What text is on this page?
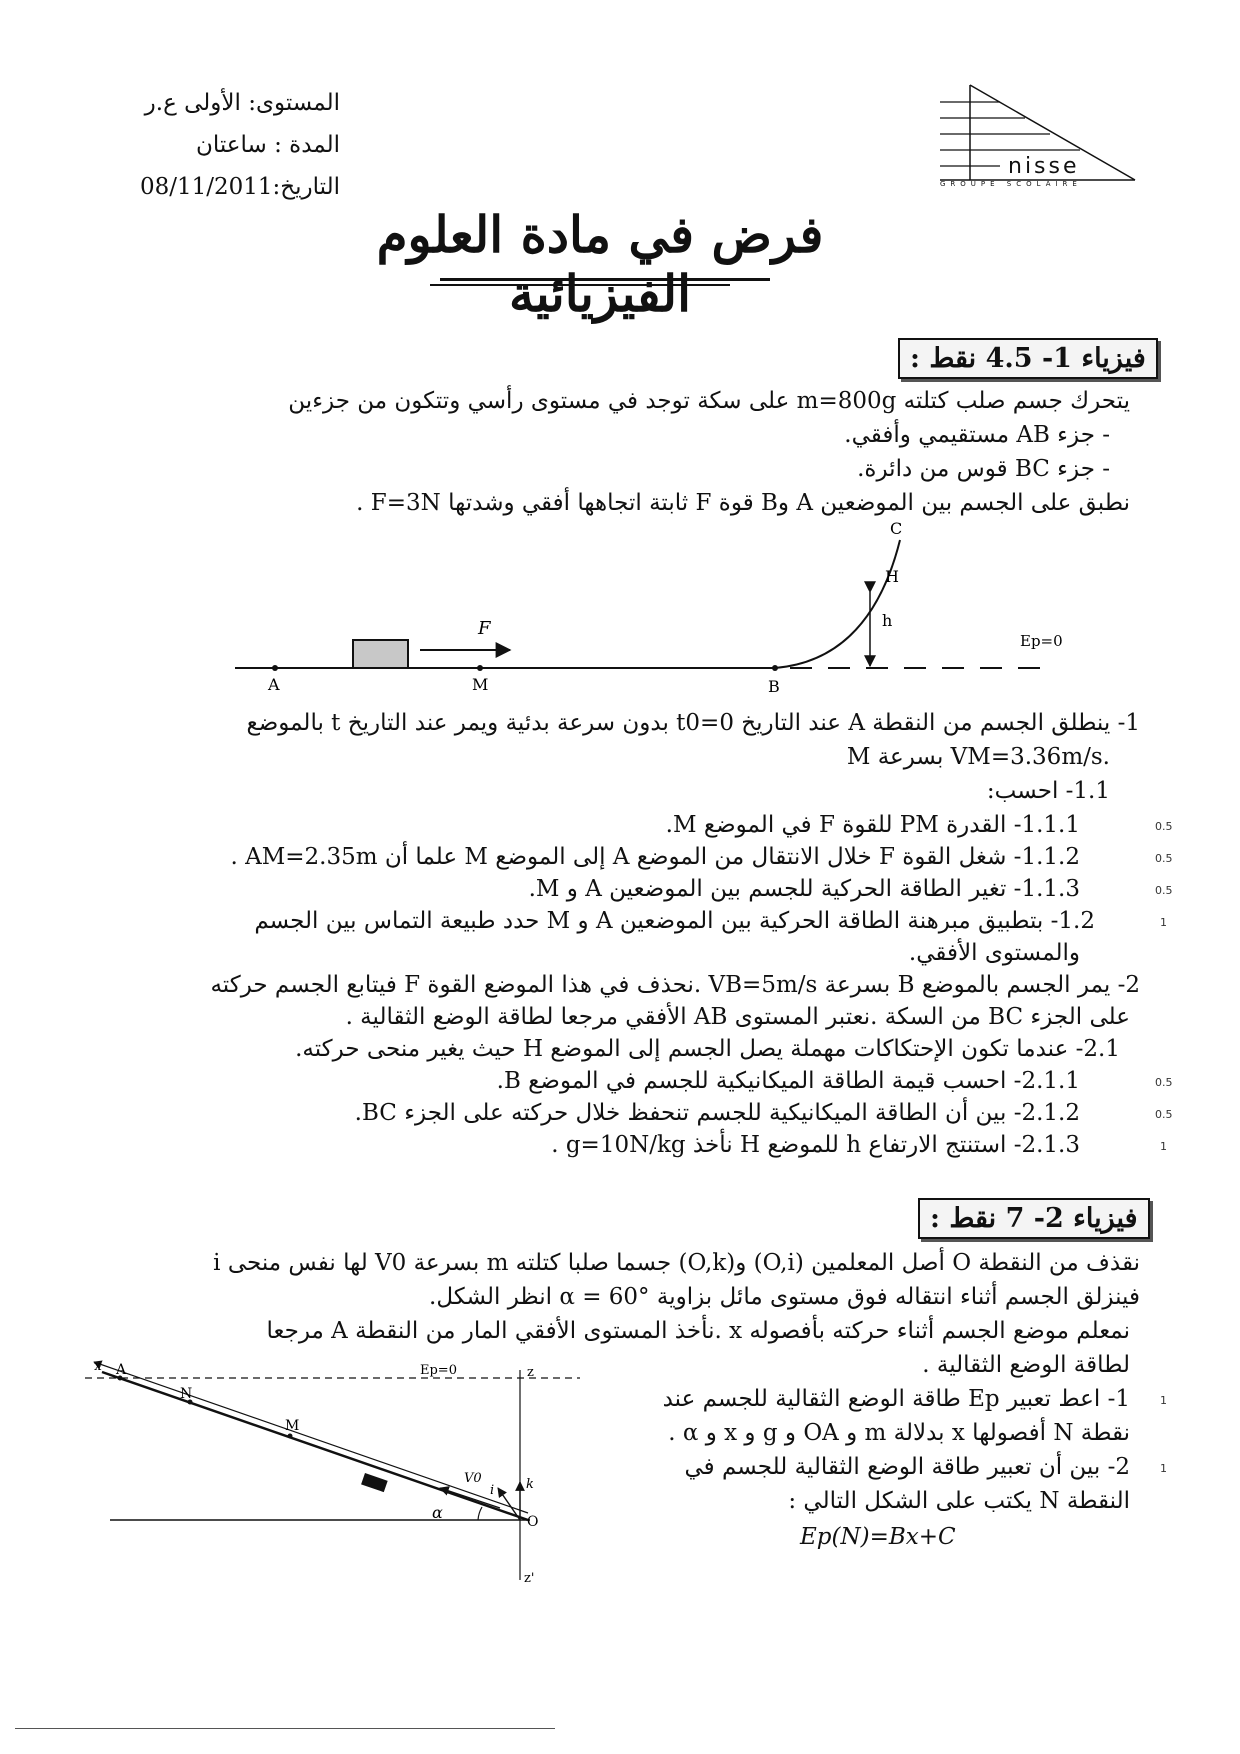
المستوى: الأولى ع.ر
المدة : ساعتان
التاريخ:08/11/2011
nisse
GROUPE SCOLAIRE
فرض في مادة العلوم الفيزيائية
فيزياء 1- 4.5 نقط :
يتحرك جسم صلب كتلته m=800g على سكة توجد في مستوى رأسي وتتكون من جزءين
- جزء AB مستقيمي وأفقي.
- جزء BC قوس من دائرة.
نطبق على الجسم بين الموضعين A وB قوة F ثابتة اتجاهها أفقي وشدتها F=3N .
A	M	B
C
H
h
F
Ep=0
1- ينطلق الجسم من النقطة A عند التاريخ t0=0 بدون سرعة بدئية ويمر عند التاريخ t بالموضع
M بسرعة VM=3.36m/s.
1.1- احسب:
1.1.1- القدرة PM للقوة F في الموضع M.	0.5
1.1.2- شغل القوة F خلال الانتقال من الموضع A إلى الموضع M علما أن AM=2.35m .	0.5
1.1.3- تغير الطاقة الحركية للجسم بين الموضعين A و M.	0.5
1.2- بتطبيق مبرهنة الطاقة الحركية بين الموضعين A و M حدد طبيعة التماس بين الجسم	1
والمستوى الأفقي.
2- يمر الجسم بالموضع B بسرعة VB=5m/s .نحذف في هذا الموضع القوة F فيتابع الجسم حركته
على الجزء BC من السكة .نعتبر المستوى AB الأفقي مرجعا لطاقة الوضع الثقالية .
2.1- عندما تكون الإحتكاكات مهملة يصل الجسم إلى الموضع H حيث يغير منحى حركته.
2.1.1- احسب قيمة الطاقة الميكانيكية للجسم في الموضع B.	0.5
2.1.2- بين أن الطاقة الميكانيكية للجسم تنحفظ خلال حركته على الجزء BC.	0.5
2.1.3- استنتج الارتفاع h للموضع H نأخذ g=10N/kg .	1
فيزياء 2- 7 نقط :
نقذف من النقطة O أصل المعلمين (O,i) و(O,k) جسما صلبا كتلته m بسرعة V0 لها نفس منحى i
فينزلق الجسم أثناء انتقاله فوق مستوى مائل بزاوية α = 60° انظر الشكل.
نمعلم موضع الجسم أثناء حركته بأفصوله x .نأخذ المستوى الأفقي المار من النقطة A مرجعا
لطاقة الوضع الثقالية .
1- اعط تعبير Ep طاقة الوضع الثقالية للجسم عند	1
نقطة N أفصولها x بدلالة m و OA و g و x و α .
2- بين أن تعبير طاقة الوضع الثقالية للجسم في	1
النقطة N يكتب على الشكل التالي :
Ep(N)=Bx+C
x A
N
M
O
z
z'
Ep=0
α
V0
i k
